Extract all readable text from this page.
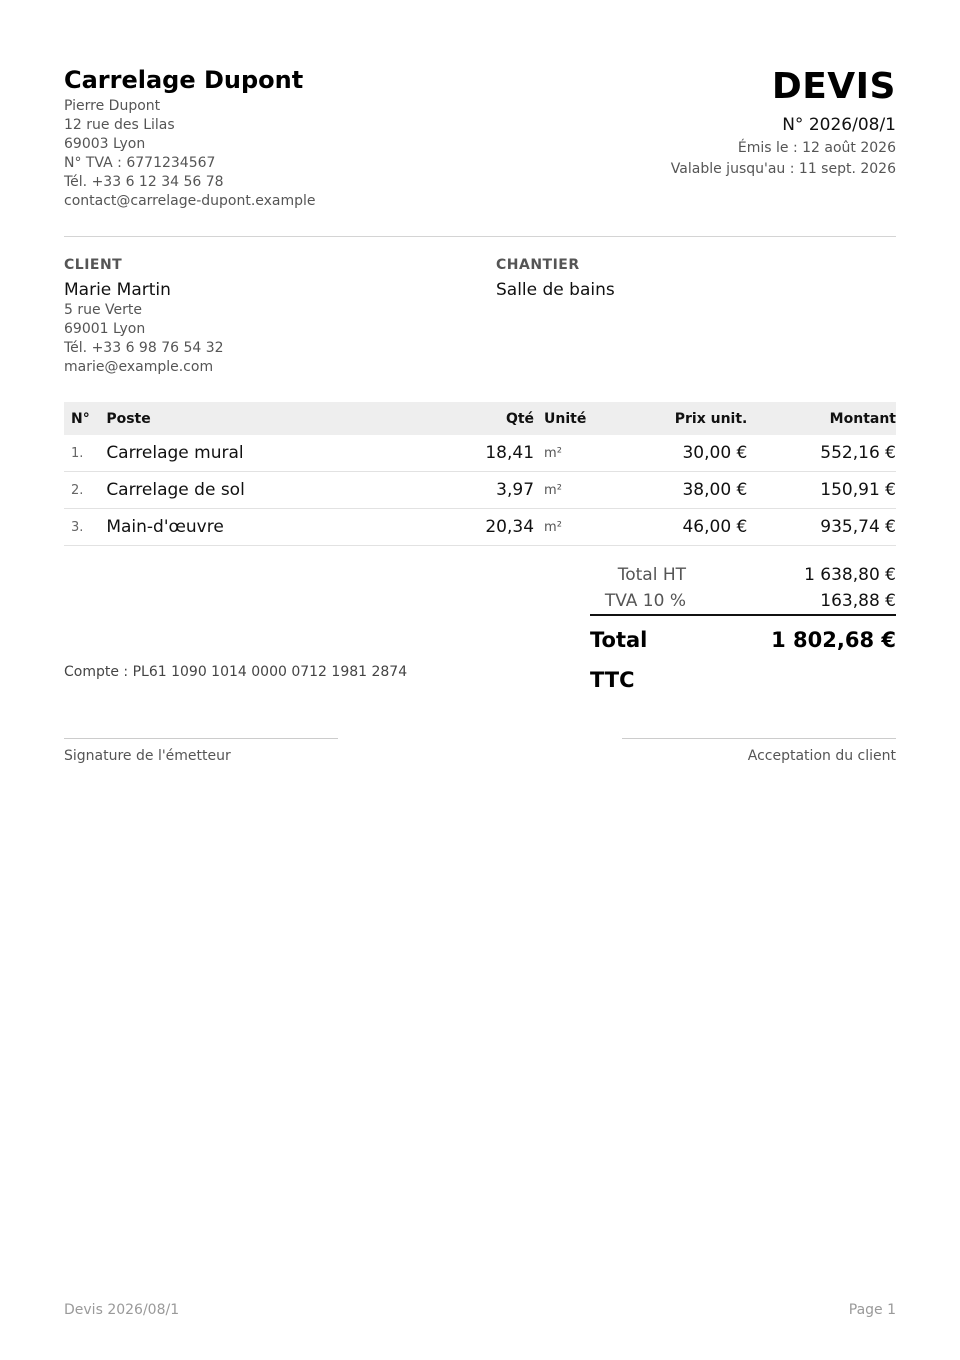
Carrelage Dupont
Pierre Dupont
12 rue des Lilas
69003 Lyon
N° TVA : 6771234567
Tél. +33 6 12 34 56 78
contact@carrelage-dupont.example
DEVIS
N° 2026/08/1
Émis le : 12 août 2026
Valable jusqu'au : 11 sept. 2026
CLIENT
Marie Martin
5 rue Verte
69001 Lyon
Tél. +33 6 98 76 54 32
marie@example.com
CHANTIER
Salle de bains
N°	Poste	Qté	Unité	Prix unit.	Montant
1.	Carrelage mural	18,41	m²	30,00 €	552,16 €
2.	Carrelage de sol	3,97	m²	38,00 €	150,91 €
3.	Main-d'œuvre	20,34	m²	46,00 €	935,74 €
Total HT	1 638,80 €
TVA 10 %	163,88 €
Total TTC
1 802,68 €
Compte : PL61 1090 1014 0000 0712 1981 2874
Signature de l'émetteur	Acceptation du client
Devis 2026/08/1	Page 1
